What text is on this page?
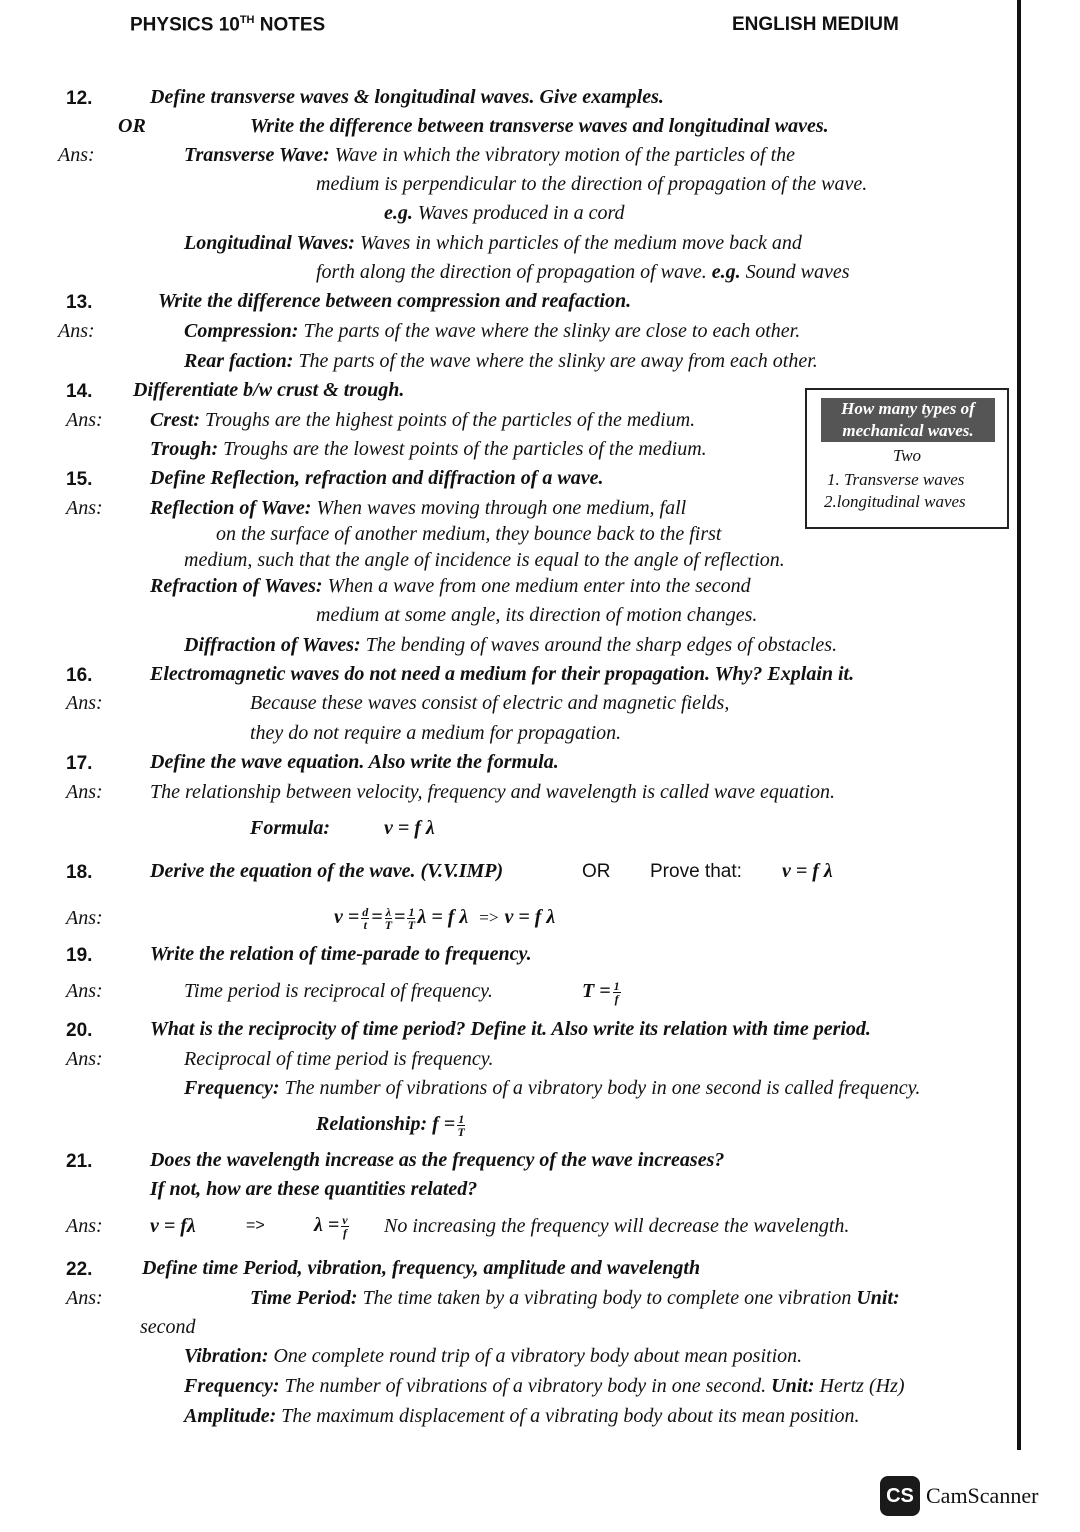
PHYSICS 10TH NOTES	ENGLISH MEDIUM
12.	Define transverse waves & longitudinal waves. Give examples.
OR	Write the difference between transverse waves and longitudinal waves.
Ans:	Transverse Wave: Wave in which the vibratory motion of the particles of the
medium is perpendicular to the direction of propagation of the wave.
e.g. Waves produced in a cord
Longitudinal Waves: Waves in which particles of the medium move back and
forth along the direction of propagation of wave. e.g. Sound waves
13.	Write the difference between compression and reafaction.
Ans:	Compression: The parts of the wave where the slinky are close to each other.
Rear faction: The parts of the wave where the slinky are away from each other.
14. Differentiate b/w crust & trough.
Ans: Crest: Troughs are the highest points of the particles of the medium.
Trough: Troughs are the lowest points of the particles of the medium.
How many types of
mechanical waves.
Two
1. Transverse waves
2.longitudinal waves
15.	Define Reflection, refraction and diffraction of a wave.
Ans: Reflection of Wave: When waves moving through one medium, fall
on the surface of another medium, they bounce back to the first
medium, such that the angle of incidence is equal to the angle of reflection.
Refraction of Waves: When a wave from one medium enter into the second
medium at some angle, its direction of motion changes.
Diffraction of Waves: The bending of waves around the sharp edges of obstacles.
16.	Electromagnetic waves do not need a medium for their propagation. Why? Explain it.
Ans:	Because these waves consist of electric and magnetic fields,
they do not require a medium for propagation.
17.	Define the wave equation. Also write the formula.
Ans: The relationship between velocity, frequency and wavelength is called wave equation.
Formula:	v = f λ
18.	Derive the equation of the wave. (V.V.IMP)	OR Prove that: v = f λ
Ans:	$v = \frac{d}{t} = \frac{\lambda}{T} = \frac{1}{T}$ λ = f λ => v = f λ
19.	Write the relation of time-parade to frequency.
Ans:	Time period is reciprocal of frequency.	$T = \frac{1}{f}$
20.	What is the reciprocity of time period? Define it. Also write its relation with time period.
Ans:	Reciprocal of time period is frequency.
Frequency: The number of vibrations of a vibratory body in one second is called frequency.
Relationship: $f = \frac{1}{T}$
21.	Does the wavelength increase as the frequency of the wave increases?
If not, how are these quantities related?
Ans: v = fλ	=> $\lambda = \frac{v}{f}$ No increasing the frequency will decrease the wavelength.
22. Define time Period, vibration, frequency, amplitude and wavelength
Ans:	Time Period: The time taken by a vibrating body to complete one vibration Unit:
second
Vibration: One complete round trip of a vibratory body about mean position.
Frequency: The number of vibrations of a vibratory body in one second. Unit: Hertz (Hz)
Amplitude: The maximum displacement of a vibrating body about its mean position.
CS CamScanner
